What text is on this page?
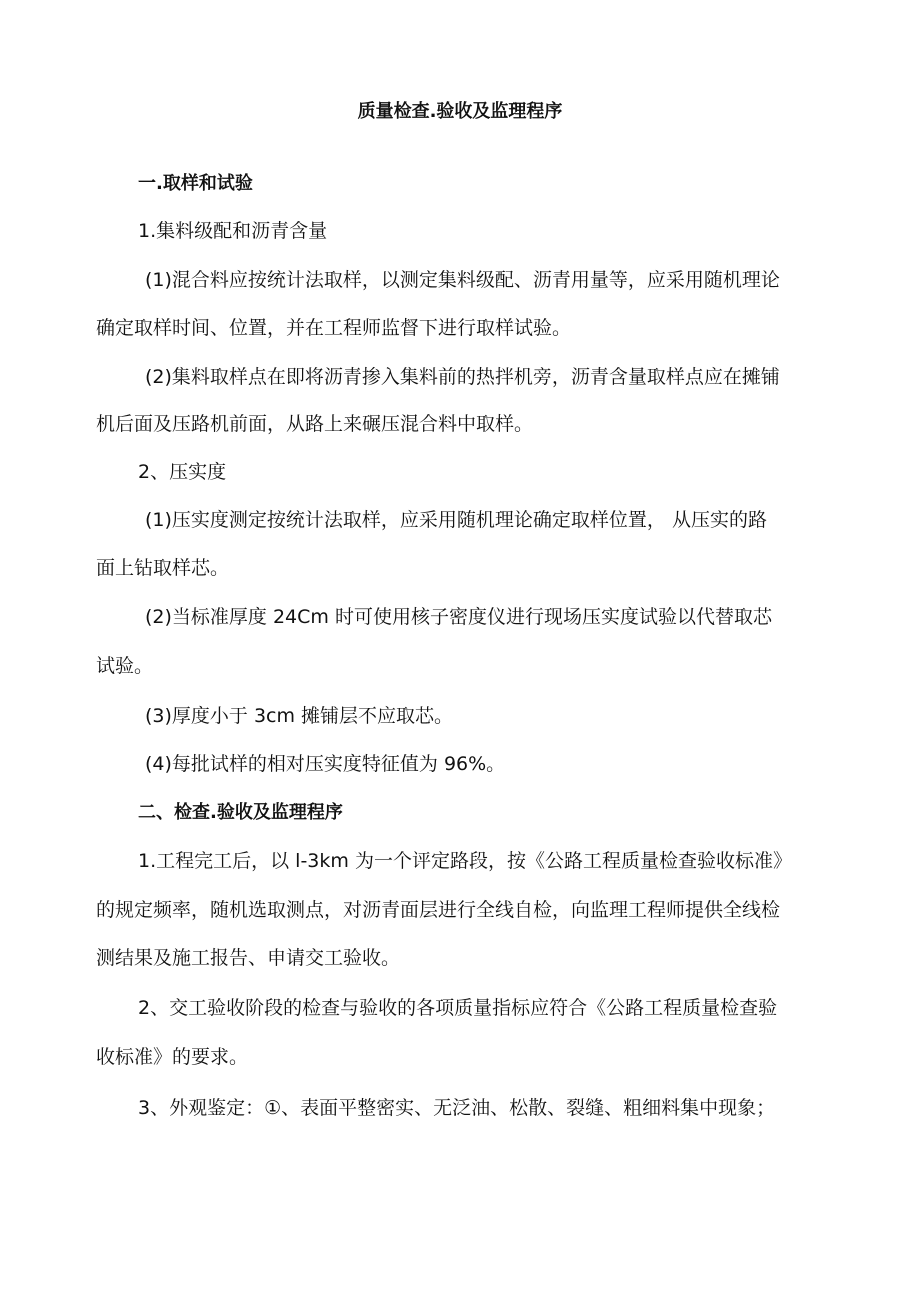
质量检查.验收及监理程序
一.取样和试验
1.集料级配和沥青含量
(1)混合料应按统计法取样，以测定集料级配、沥青用量等，应采用随机理论
确定取样时间、位置，并在工程师监督下进行取样试验。
(2)集料取样点在即将沥青掺入集料前的热拌机旁，沥青含量取样点应在摊铺
机后面及压路机前面，从路上来碾压混合料中取样。
2、压实度
(1)压实度测定按统计法取样，应采用随机理论确定取样位置， 从压实的路
面上钻取样芯。
(2)当标准厚度 24Cm 时可使用核子密度仪进行现场压实度试验以代替取芯
试验。
(3)厚度小于 3cm 摊铺层不应取芯。
(4)每批试样的相对压实度特征值为 96%。
二、检查.验收及监理程序
1.工程完工后，以 l-3km 为一个评定路段，按《公路工程质量检查验收标准》
的规定频率，随机选取测点，对沥青面层进行全线自检，向监理工程师提供全线检
测结果及施工报告、申请交工验收。
2、交工验收阶段的检查与验收的各项质量指标应符合《公路工程质量检查验
收标准》的要求。
3、外观鉴定：①、表面平整密实、无泛油、松散、裂缝、粗细料集中现象；
